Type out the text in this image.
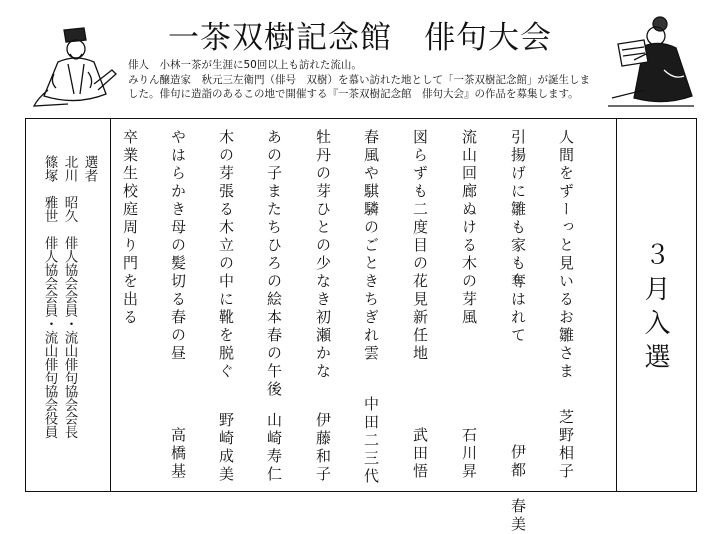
一茶双樹記念館　俳句大会
俳人　小林一茶が生涯に50回以上も訪れた流山。
みりん醸造家　秋元三左衛門（俳号　双樹）を慕い訪れた地として「一茶双樹記念館」が誕生しま
した。俳句に造詣のあるこの地で開催する『一茶双樹記念館　俳句大会』の作品を募集します。
３月入選
人間をずーっと見いるお雛さま
芝野相子
引揚げに雛も家も奪はれて
伊都　春美
流山回廊ぬける木の芽風
石川昇
図らずも二度目の花見新任地
武田悟
春風や騏驎のごときちぎれ雲
中田二三代
牡丹の芽ひとの少なき初瀬かな
伊藤和子
あの子またちひろの絵本春の午後
山崎寿仁
木の芽張る木立の中に靴を脱ぐ
野崎成美
やはらかき母の髪切る春の昼
高橋基
卒業生校庭周り門を出る
選者
北川　昭久　俳人協会会員・流山俳句協会会長
篠塚　雅世　俳人協会会員・流山俳句協会役員
